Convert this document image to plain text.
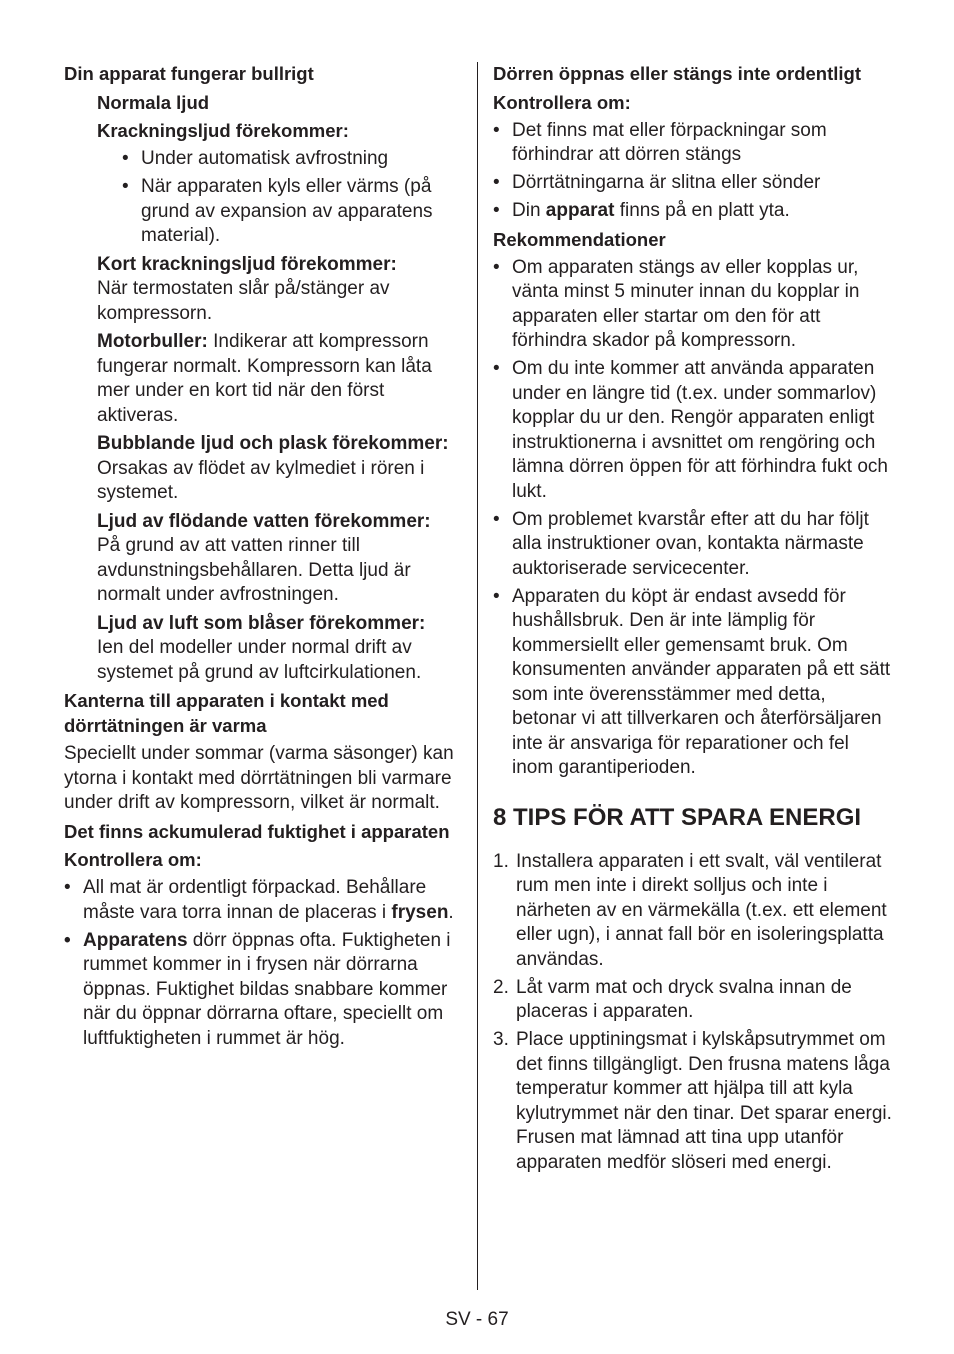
Din apparat fungerar bullrigt

Normala ljud

Krackningsljud förekommer:

• Under automatisk avfrostning
• När apparaten kyls eller värms (på grund av expansion av apparatens material).

Kort krackningsljud förekommer:
När termostaten slår på/stänger av kompressorn.

Motorbuller: Indikerar att kompressorn fungerar normalt. Kompressorn kan låta mer under en kort tid när den först aktiveras.

Bubblande ljud och plask förekommer: Orsakas av flödet av kylmediet i rören i systemet.

Ljud av flödande vatten förekommer:
På grund av att vatten rinner till avdunstningsbehållaren. Detta ljud är normalt under avfrostningen.

Ljud av luft som blåser förekommer:
Ien del modeller under normal drift av systemet på grund av luftcirkulationen.

Kanterna till apparaten i kontakt med dörrtätningen är varma

Speciellt under sommar (varma säsonger) kan ytorna i kontakt med dörrtätningen bli varmare under drift av kompressorn, vilket är normalt.

Det finns ackumulerad fuktighet i apparaten

Kontrollera om:

• All mat är ordentligt förpackad. Behållare måste vara torra innan de placeras i frysen.
• Apparatens dörr öppnas ofta. Fuktigheten i rummet kommer in i frysen när dörrarna öppnas. Fuktighet bildas snabbare kommer när du öppnar dörrarna oftare, speciellt om luftfuktigheten i rummet är hög.

Dörren öppnas eller stängs inte ordentligt

Kontrollera om:

• Det finns mat eller förpackningar som förhindrar att dörren stängs
• Dörrtätningarna är slitna eller sönder
• Din apparat finns på en platt yta.

Rekommendationer

• Om apparaten stängs av eller kopplas ur, vänta minst 5 minuter innan du kopplar in apparaten eller startar om den för att förhindra skador på kompressorn.
• Om du inte kommer att använda apparaten under en längre tid (t.ex. under sommarlov) kopplar du ur den. Rengör apparaten enligt instruktionerna i avsnittet om rengöring och lämna dörren öppen för att förhindra fukt och lukt.
• Om problemet kvarstår efter att du har följt alla instruktioner ovan, kontakta närmaste auktoriserade servicecenter.
• Apparaten du köpt är endast avsedd för hushållsbruk. Den är inte lämplig för kommersiellt eller gemensamt bruk. Om konsumenten använder apparaten på ett sätt som inte överensstämmer med detta, betonar vi att tillverkaren och återförsäljaren inte är ansvariga för reparationer och fel inom garantiperioden.

8 TIPS FÖR ATT SPARA ENERGI

1. Installera apparaten i ett svalt, väl ventilerat rum men inte i direkt solljus och inte i närheten av en värmekälla (t.ex. ett element eller ugn), i annat fall bör en isoleringsplatta användas.
2. Låt varm mat och dryck svalna innan de placeras i apparaten.
3. Place upptiningsmat i kylskåpsutrymmet om det finns tillgängligt. Den frusna matens låga temperatur kommer att hjälpa till att kyla kylutrymmet när den tinar. Det sparar energi. Frusen mat lämnad att tina upp utanför apparaten medför slöseri med energi.
SV - 67
